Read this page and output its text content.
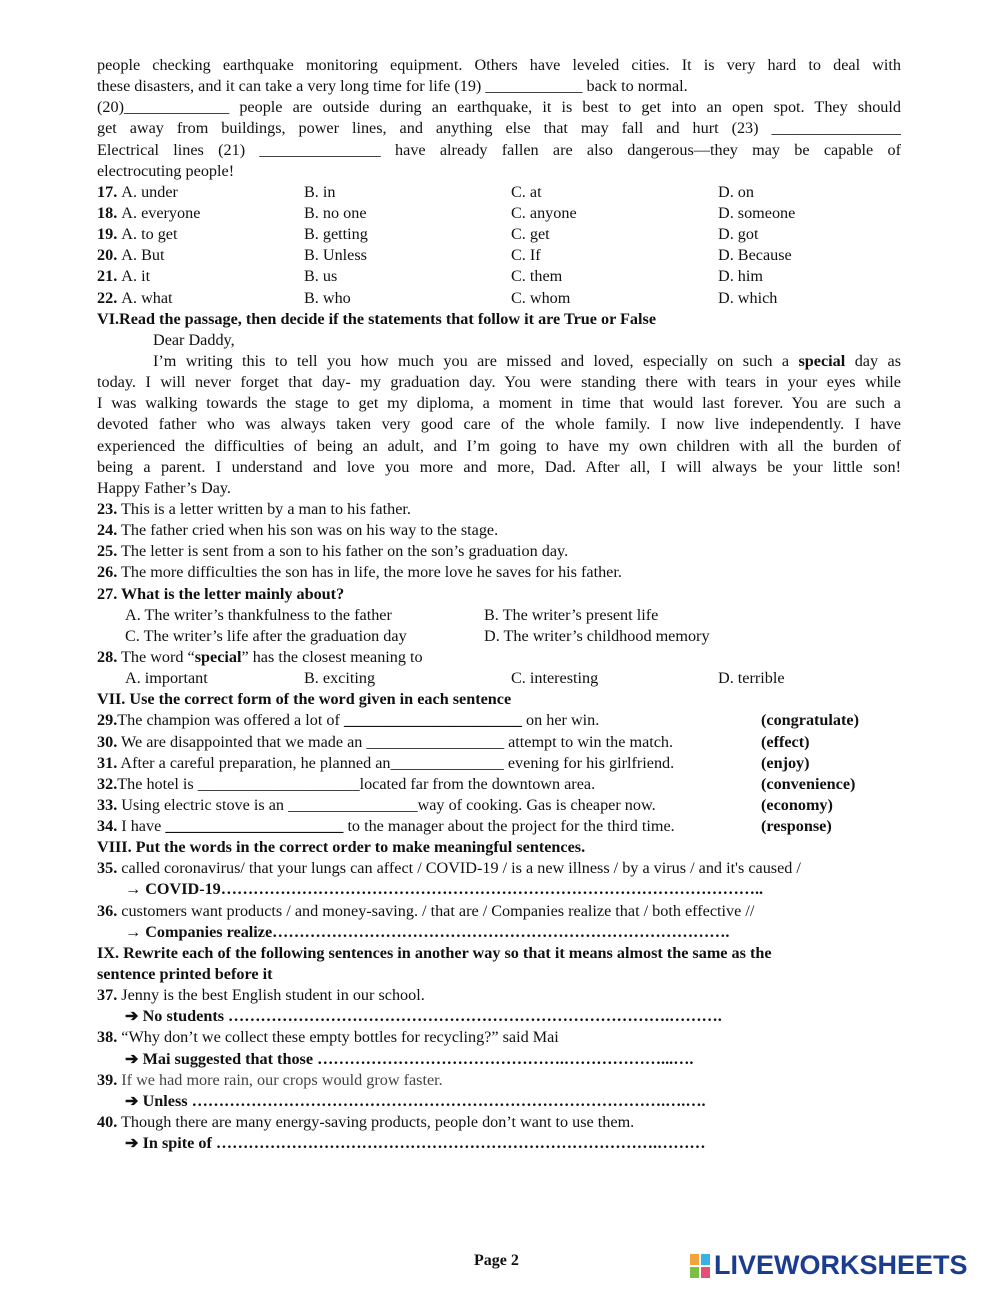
people checking earthquake monitoring equipment. Others have leveled cities. It is very hard to deal with
these disasters, and it can take a very long time for life (19) ____________ back to normal.
(20)_____________ people are outside during an earthquake, it is best to get into an open spot. They should
get away from buildings, power lines, and anything else that may fall and hurt (23) ________________
Electrical lines (21) _______________ have already fallen are also dangerous—they may be capable of
electrocuting people!
17. A. under	B. in	C. at	D. on
18. A. everyone	B. no one	C. anyone	D. someone
19. A. to get	B. getting	C. get	D. got
20. A. But	B. Unless	C. If	D. Because
21. A. it	B. us	C. them	D. him
22. A. what	B. who	C. whom	D. which
VI.Read the passage, then decide if the statements that follow it are True or False
Dear Daddy,
I’m writing this to tell you how much you are missed and loved, especially on such a special day as
today. I will never forget that day- my graduation day. You were standing there with tears in your eyes while
I was walking towards the stage to get my diploma, a moment in time that would last forever. You are such a
devoted father who was always taken very good care of the whole family. I now live independently. I have
experienced the difficulties of being an adult, and I’m going to have my own children with all the burden of
being a parent. I understand and love you more and more, Dad. After all, I will always be your little son!
Happy Father’s Day.
23. This is a letter written by a man to his father.
24. The father cried when his son was on his way to the stage.
25. The letter is sent from a son to his father on the son’s graduation day.
26. The more difficulties the son has in life, the more love he saves for his father.
27. What is the letter mainly about?
A. The writer’s thankfulness to the father	B. The writer’s present life
C. The writer’s life after the graduation day	D. The writer’s childhood memory
28. The word “special” has the closest meaning to
A. important	B. exciting	C. interesting	D. terrible
VII. Use the correct form of the word given in each sentence
29.The champion was offered a lot of ______________________ on her win.	(congratulate)
30. We are disappointed that we made an _________________ attempt to win the match.	(effect)
31. After a careful preparation, he planned an______________ evening for his girlfriend.	(enjoy)
32.The hotel is ____________________located far from the downtown area.	(convenience)
33. Using electric stove is an ________________way of cooking. Gas is cheaper now.	(economy)
34. I have ______________________ to the manager about the project for the third time.	(response)
VIII. Put the words in the correct order to make meaningful sentences.
35. called coronavirus/ that your lungs can affect / COVID-19 / is a new illness / by a virus / and it's caused /
→ COVID-19………………………………………………………………………………………..
36. customers want products / and money-saving. / that are / Companies realize that / both effective //
→ Companies realize………………………………………………………………………….
IX. Rewrite each of the following sentences in another way so that it means almost the same as the
sentence printed before it
37. Jenny is the best English student in our school.
➔ No students ……………………………………………………………………….……….
38. “Why don’t we collect these empty bottles for recycling?” said Mai
➔ Mai suggested that those ……………………………………….………………...….
39. If we had more rain, our crops would grow faster.
➔ Unless …………………………………………………………………………….….….
40. Though there are many energy-saving products, people don’t want to use them.
➔ In spite of ……………………………………………………………………….………
Page 2	LIVEWORKSHEETS
